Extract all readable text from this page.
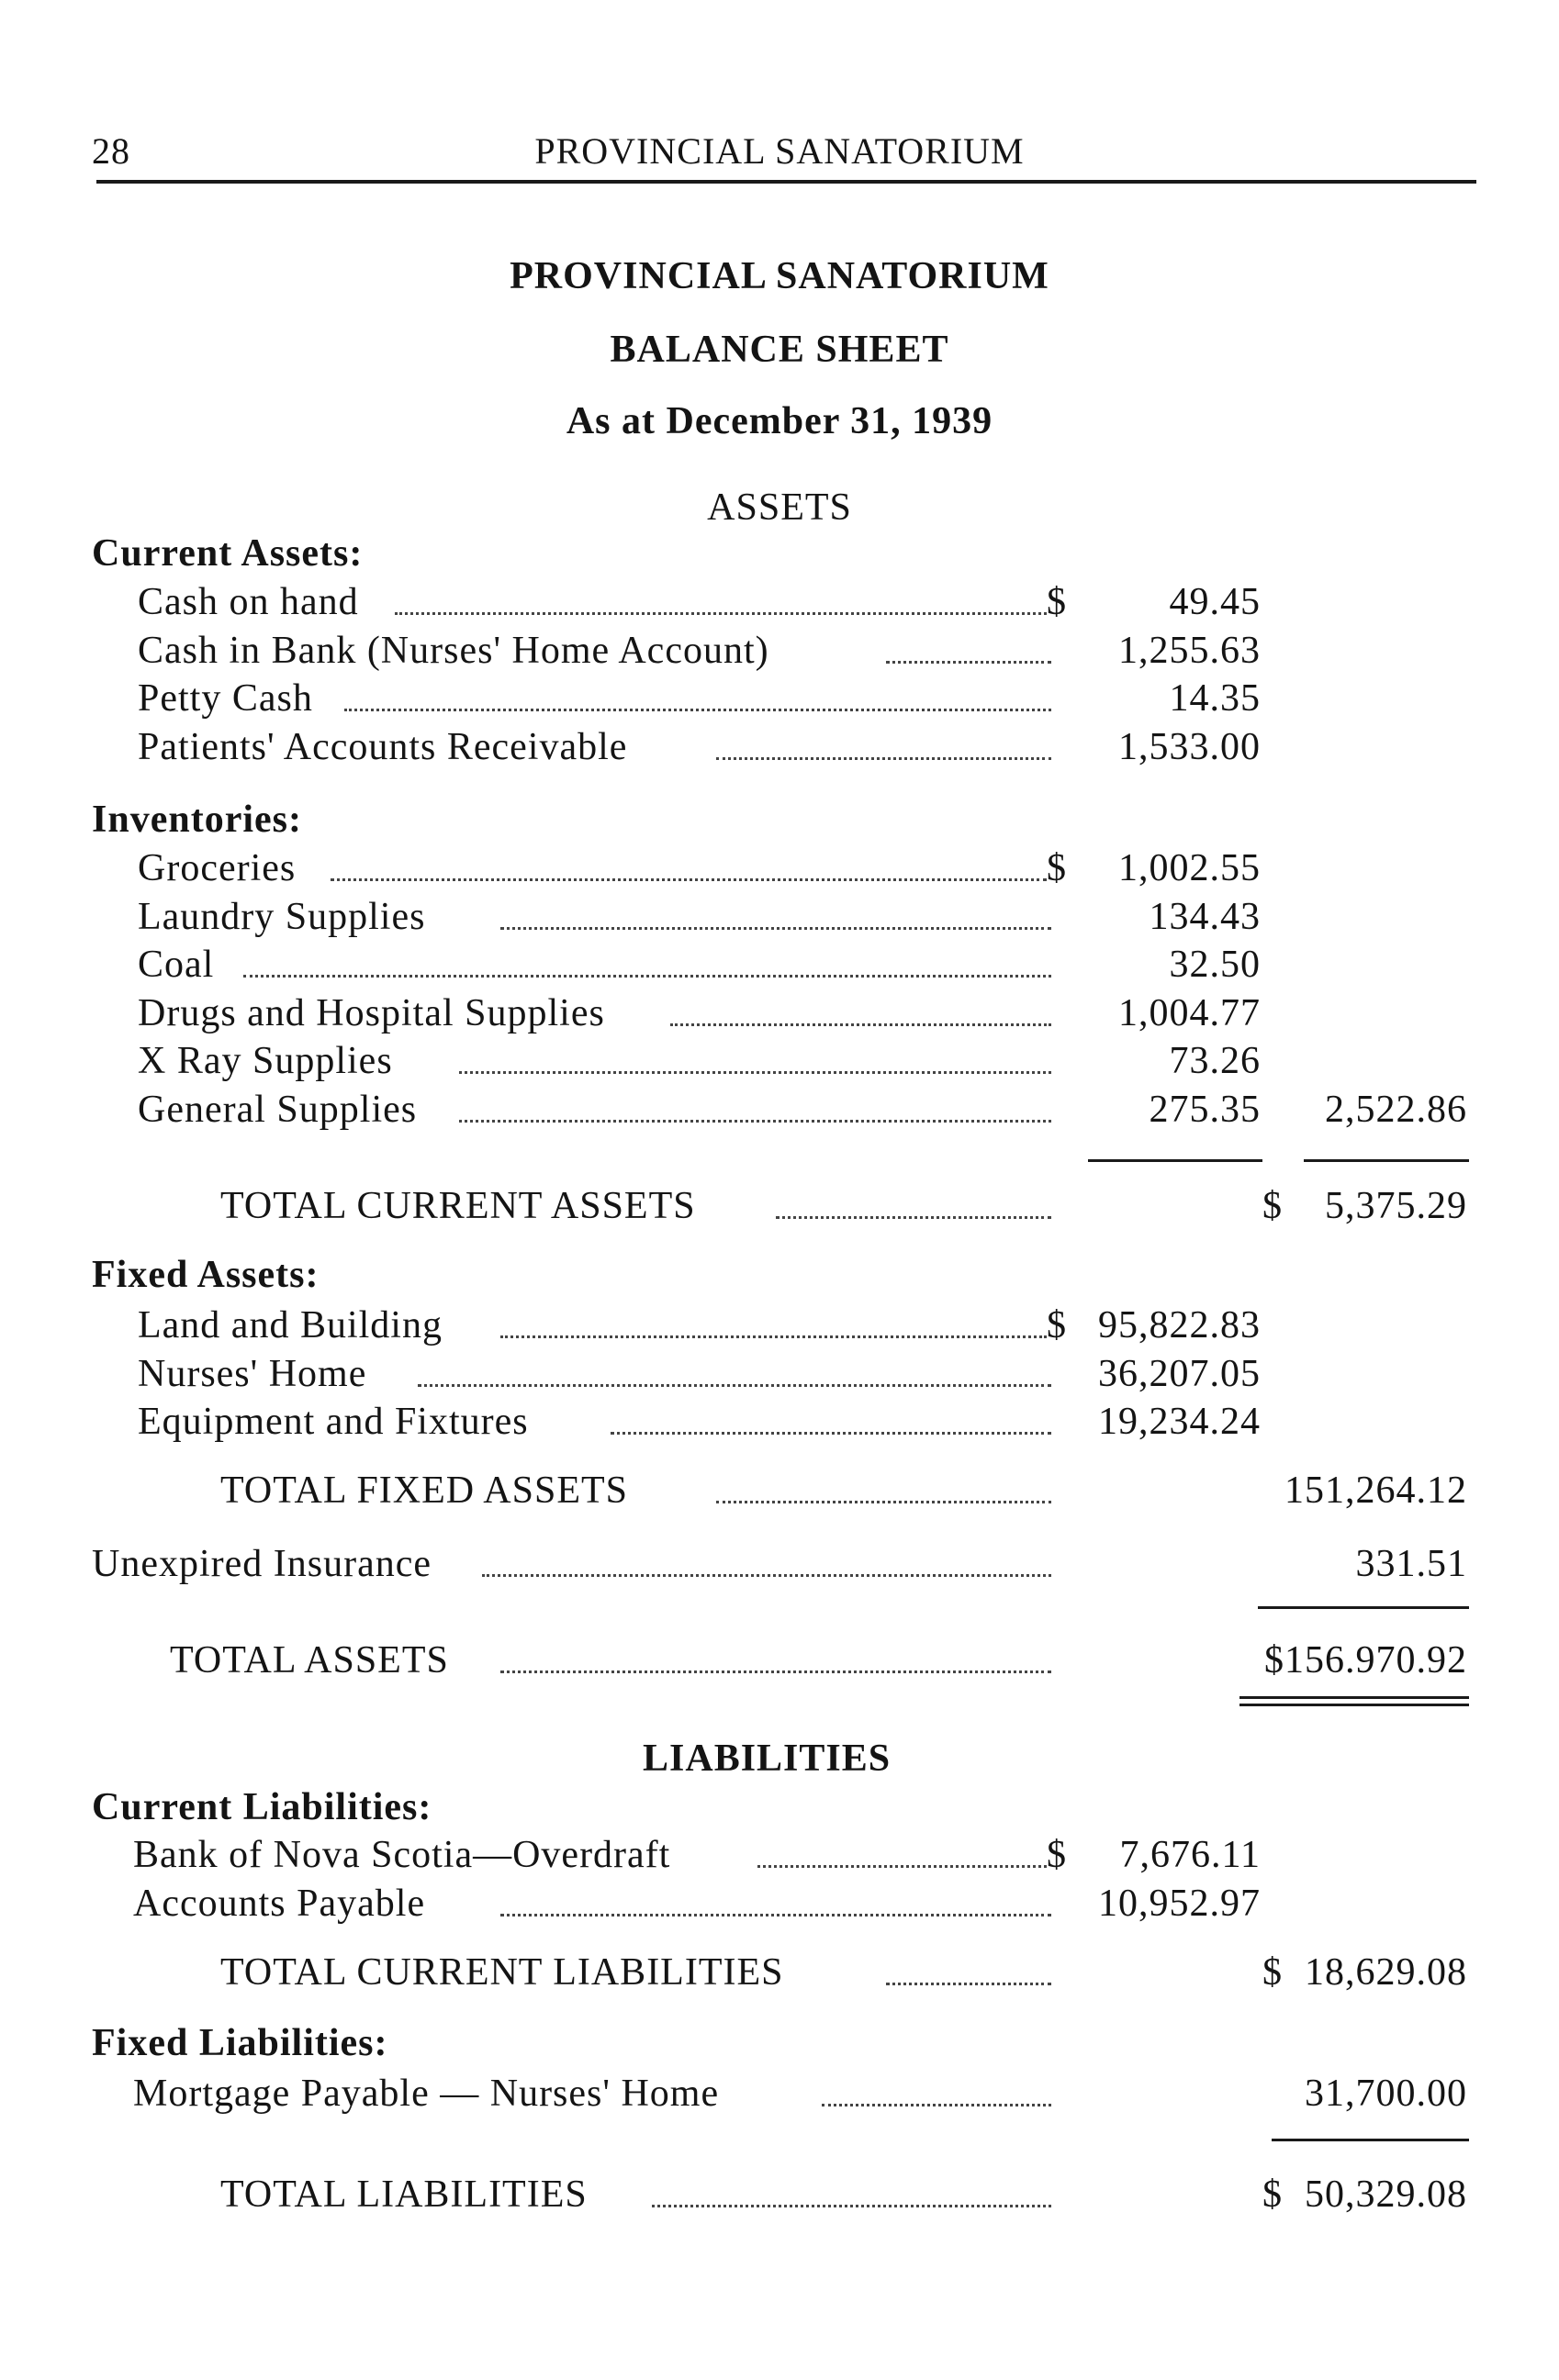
28	PROVINCIAL SANATORIUM
PROVINCIAL SANATORIUM
BALANCE SHEET
As at December 31, 1939
ASSETS
Current Assets:
Cash on hand	$	49.45
Cash in Bank (Nurses' Home Account)	1,255.63
Petty Cash	14.35
Patients' Accounts Receivable	1,533.00
Inventories:
Groceries	$	1,002.55
Laundry Supplies	134.43
Coal	32.50
Drugs and Hospital Supplies	1,004.77
X Ray Supplies	73.26
General Supplies	275.35	2,522.86
TOTAL CURRENT ASSETS	$	5,375.29
Fixed Assets:
Land and Building	$ 95,822.83
Nurses' Home	36,207.05
Equipment and Fixtures	19,234.24
TOTAL FIXED ASSETS	151,264.12
Unexpired Insurance	331.51
TOTAL ASSETS	$156.970.92
LIABILITIES
Current Liabilities:
Bank of Nova Scotia—Overdraft	$	7,676.11
Accounts Payable	10,952.97
TOTAL CURRENT LIABILITIES	$ 18,629.08
Fixed Liabilities:
Mortgage Payable — Nurses' Home	31,700.00
TOTAL LIABILITIES	$ 50,329.08
